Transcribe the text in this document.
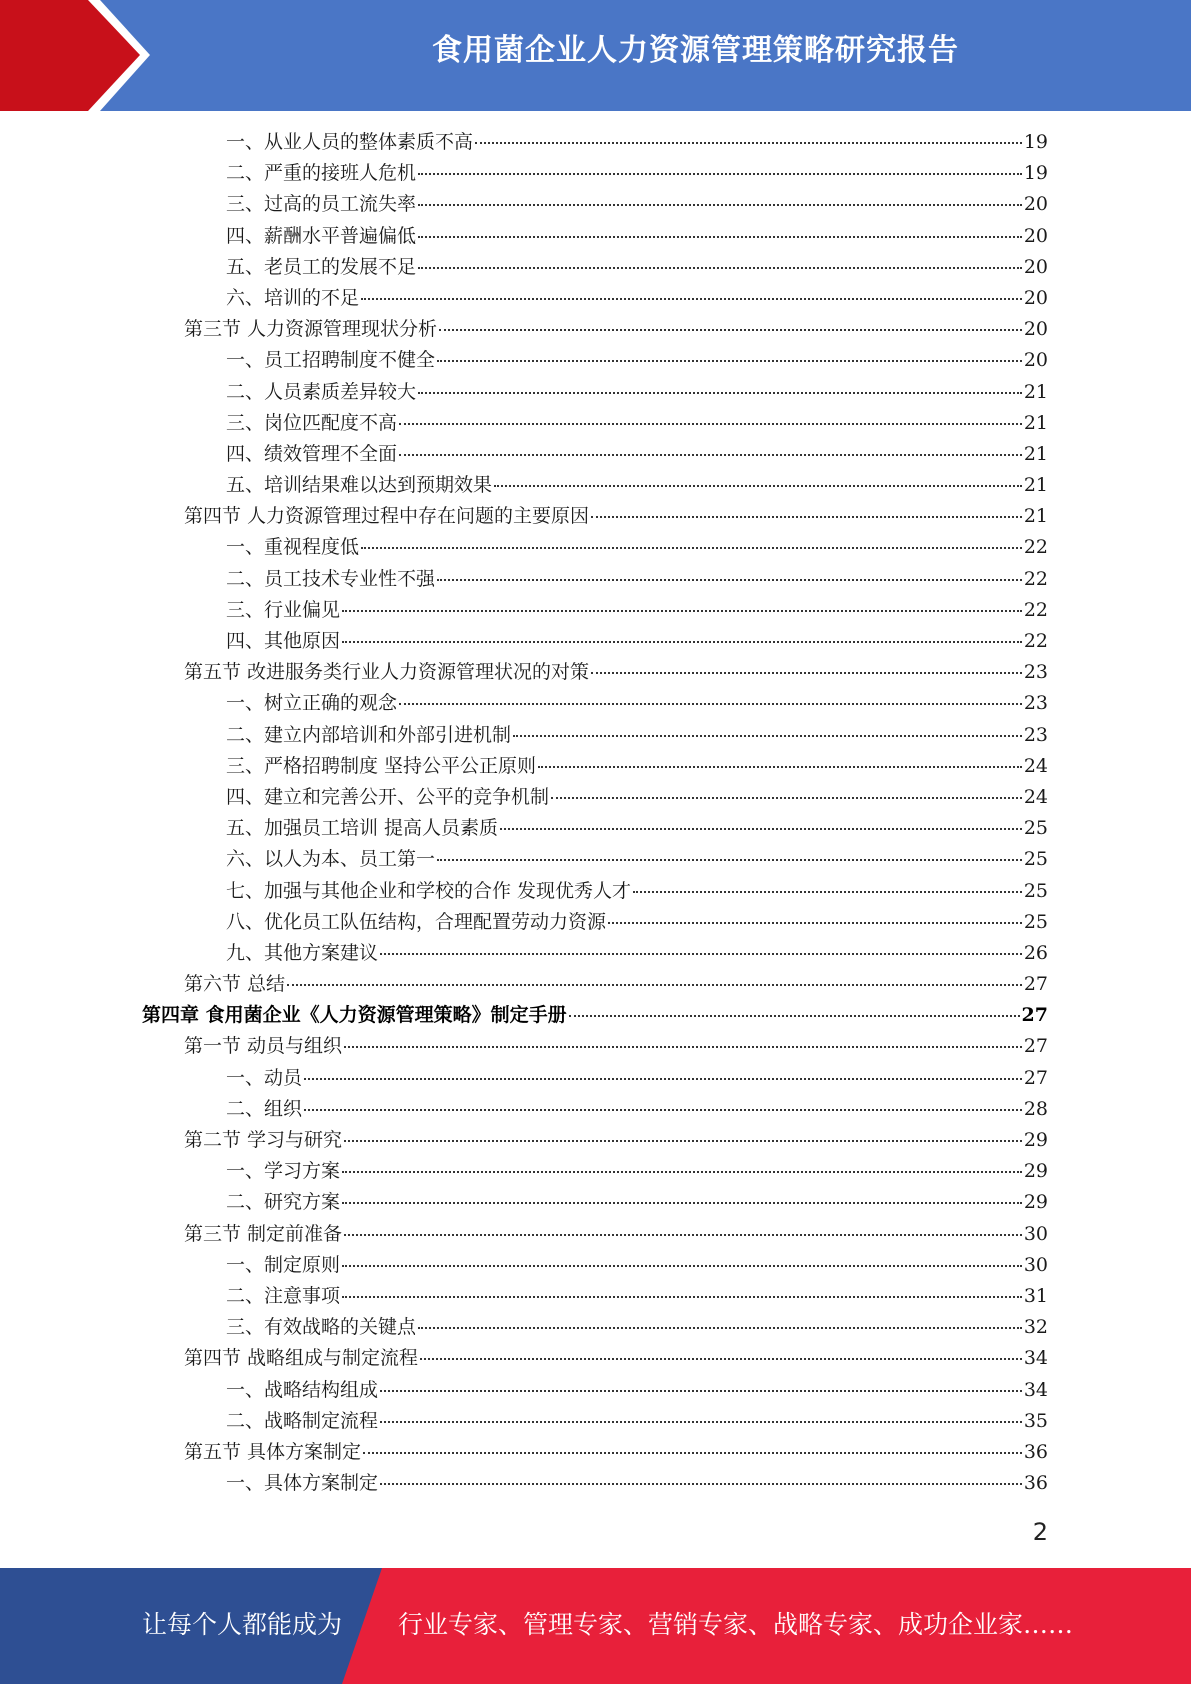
食用菌企业人力资源管理策略研究报告
一、从业人员的整体素质不高	19
二、严重的接班人危机	19
三、过高的员工流失率	20
四、薪酬水平普遍偏低	20
五、老员工的发展不足	20
六、培训的不足	20
第三节 人力资源管理现状分析	20
一、员工招聘制度不健全	20
二、人员素质差异较大	21
三、岗位匹配度不高	21
四、绩效管理不全面	21
五、培训结果难以达到预期效果	21
第四节 人力资源管理过程中存在问题的主要原因	21
一、重视程度低	22
二、员工技术专业性不强	22
三、行业偏见	22
四、其他原因	22
第五节 改进服务类行业人力资源管理状况的对策	23
一、树立正确的观念	23
二、建立内部培训和外部引进机制	23
三、严格招聘制度 坚持公平公正原则	24
四、建立和完善公开、公平的竞争机制	24
五、加强员工培训 提高人员素质	25
六、以人为本、员工第一	25
七、加强与其他企业和学校的合作 发现优秀人才	25
八、优化员工队伍结构，合理配置劳动力资源	25
九、其他方案建议	26
第六节 总结	27
第四章 食用菌企业《人力资源管理策略》制定手册	27
第一节 动员与组织	27
一、动员	27
二、组织	28
第二节 学习与研究	29
一、学习方案	29
二、研究方案	29
第三节 制定前准备	30
一、制定原则	30
二、注意事项	31
三、有效战略的关键点	32
第四节 战略组成与制定流程	34
一、战略结构组成	34
二、战略制定流程	35
第五节 具体方案制定	36
一、具体方案制定	36
2
让每个人都能成为 行业专家、管理专家、营销专家、战略专家、成功企业家……
